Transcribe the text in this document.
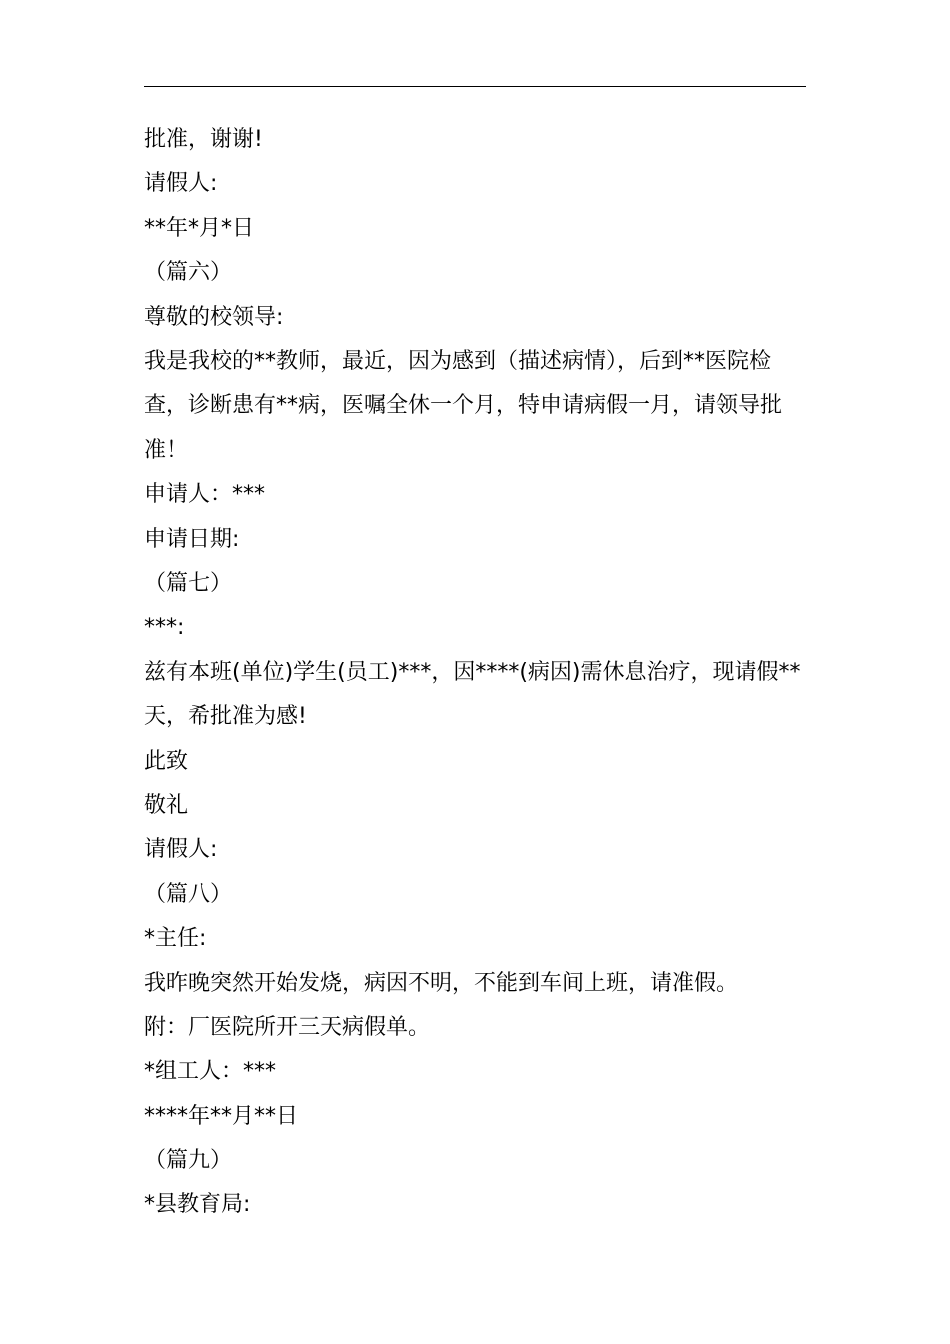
批准，谢谢!
请假人:
**年*月*日
（篇六）
尊敬的校领导:
我是我校的**教师，最近，因为感到（描述病情），后到**医院检查，诊断患有**病，医嘱全休一个月，特申请病假一月，请领导批准！
申请人：***
申请日期:
（篇七）
***:
兹有本班(单位)学生(员工)***，因****(病因)需休息治疗，现请假**天，希批准为感!
此致
敬礼
请假人:
（篇八）
*主任:
我昨晚突然开始发烧，病因不明，不能到车间上班，请准假。
附：厂医院所开三天病假单。
*组工人：***
****年**月**日
（篇九）
*县教育局:
